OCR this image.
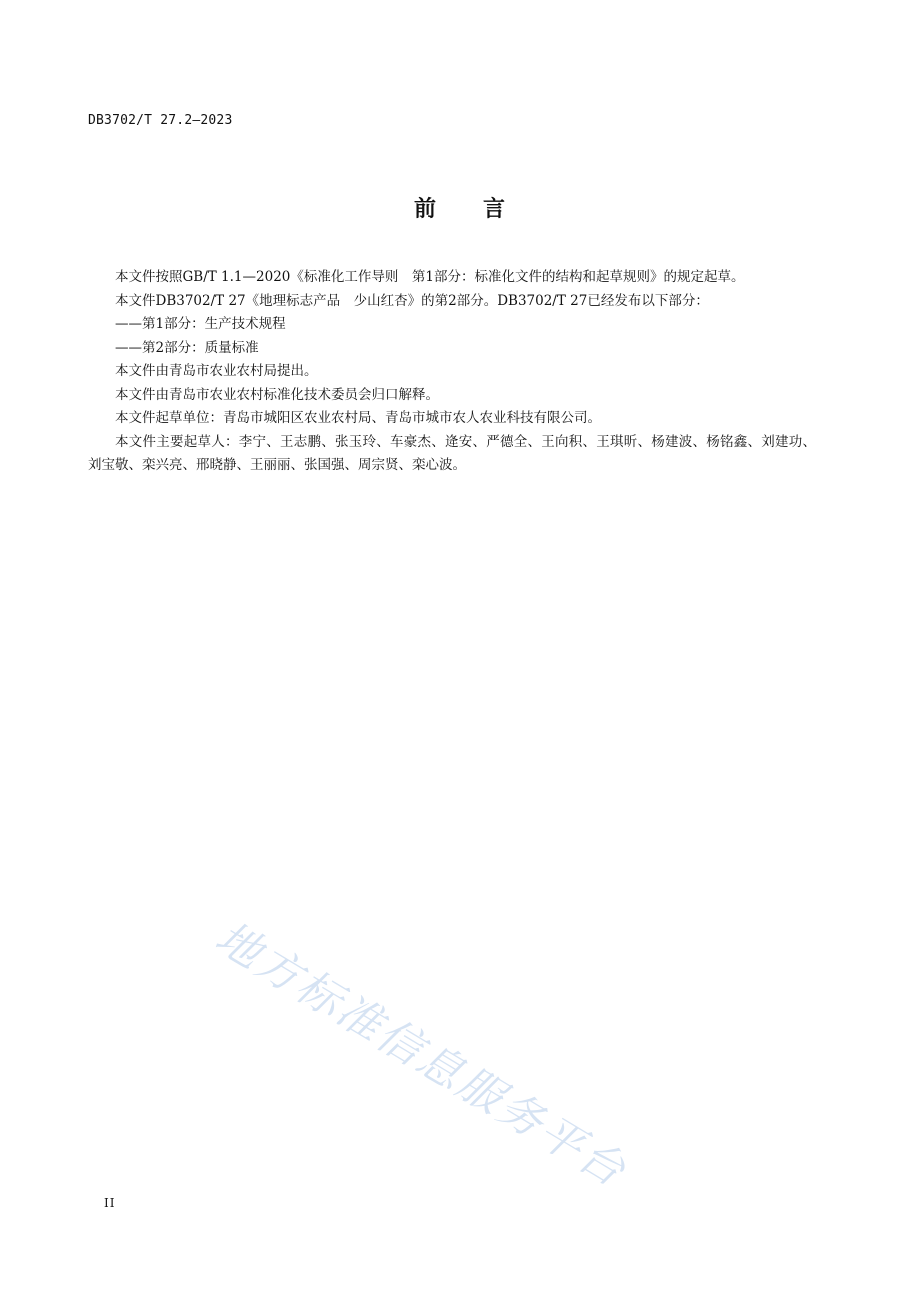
DB3702/T 27.2—2023
前 言

本文件按照GB/T 1.1—2020《标准化工作导则　第1部分：标准化文件的结构和起草规则》的规定起草。

本文件DB3702/T 27《地理标志产品　少山红杏》的第2部分。DB3702/T 27已经发布以下部分：

——第1部分：生产技术规程

——第2部分：质量标准

本文件由青岛市农业农村局提出。

本文件由青岛市农业农村标准化技术委员会归口解释。

本文件起草单位：青岛市城阳区农业农村局、青岛市城市农人农业科技有限公司。

本文件主要起草人：李宁、王志鹏、张玉玲、车豪杰、逄安、严德全、王向积、王琪昕、杨建波、杨铭鑫、刘建功、刘宝敬、栾兴亮、邢晓静、王丽丽、张国强、周宗贤、栾心波。

地方标准信息服务平台
II
